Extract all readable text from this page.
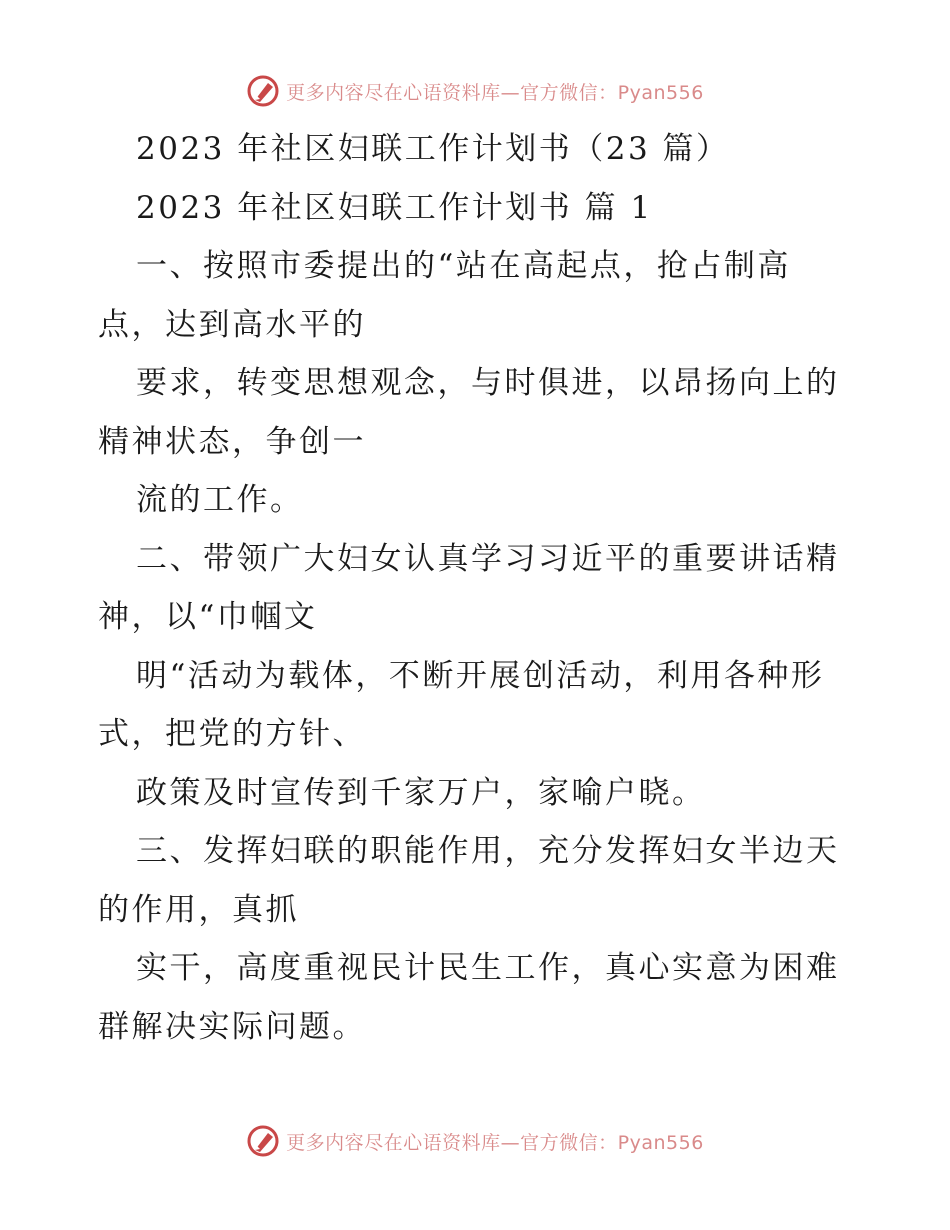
更多内容尽在心语资料库—官方微信：Pyan556
2023 年社区妇联工作计划书（23 篇）
2023 年社区妇联工作计划书 篇 1
一、按照市委提出的“站在高起点，抢占制高
点，达到高水平的
要求，转变思想观念，与时俱进，以昂扬向上的
精神状态，争创一
流的工作。
二、带领广大妇女认真学习习近平的重要讲话精
神，以“巾帼文
明“活动为载体，不断开展创活动，利用各种形
式，把党的方针、
政策及时宣传到千家万户，家喻户晓。
三、发挥妇联的职能作用，充分发挥妇女半边天
的作用，真抓
实干，高度重视民计民生工作，真心实意为困难
群解决实际问题。
更多内容尽在心语资料库—官方微信：Pyan556
